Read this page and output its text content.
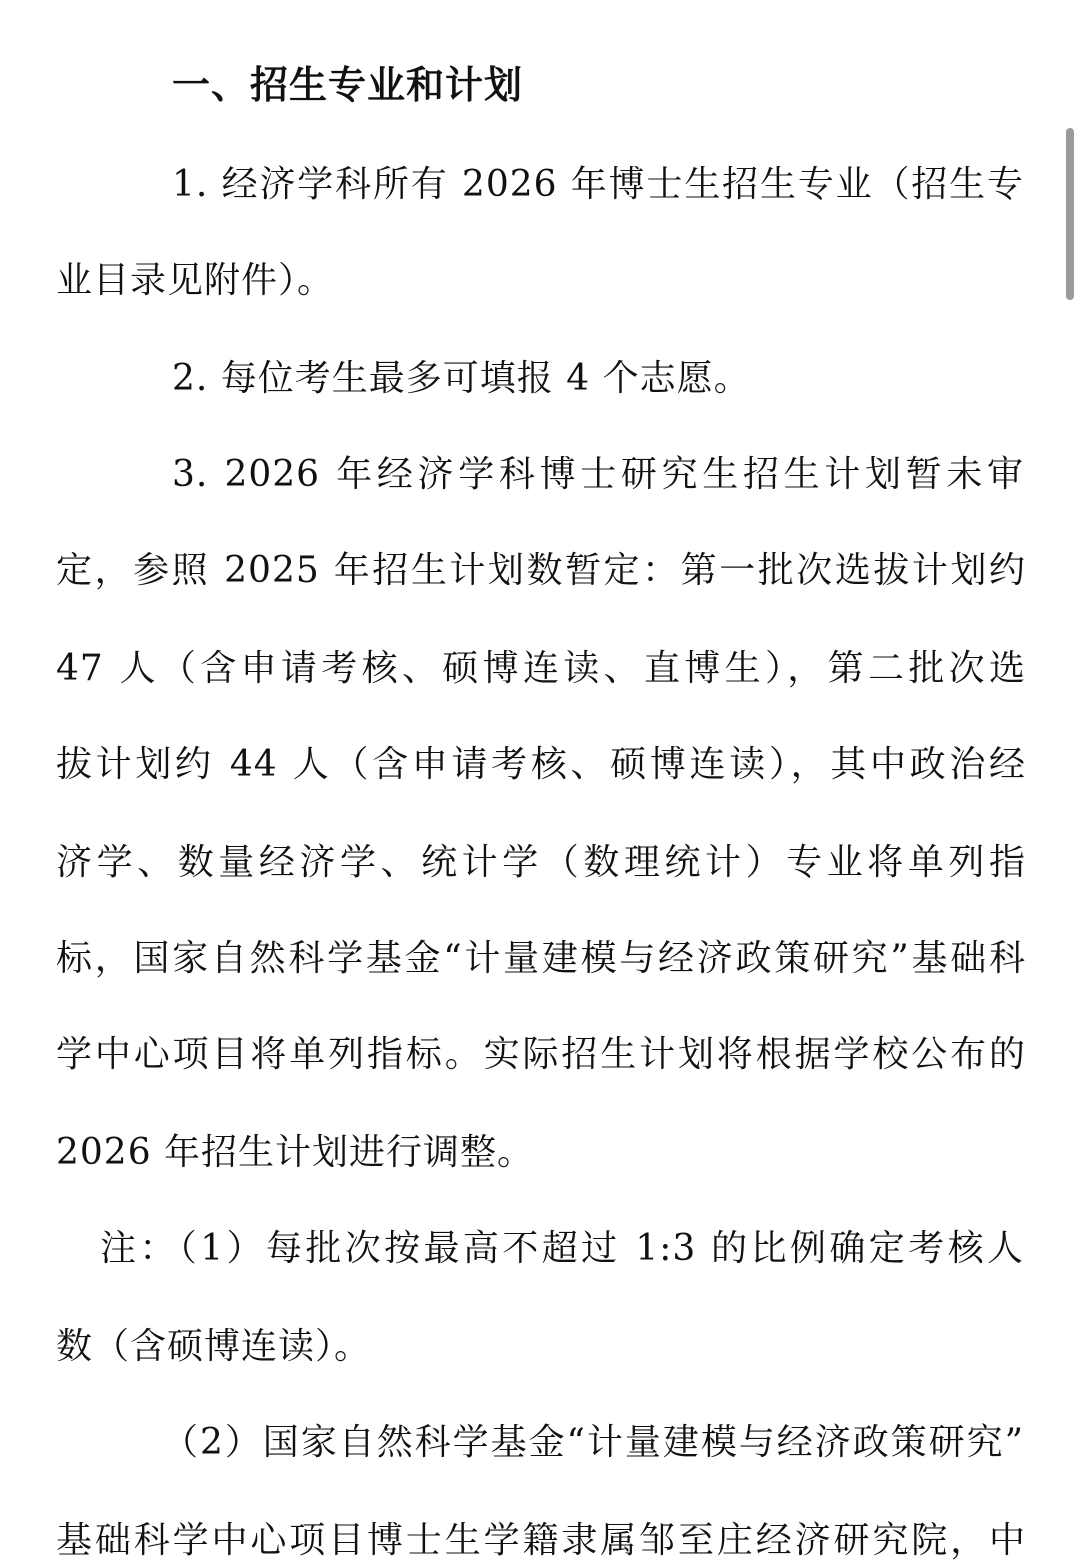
一、招生专业和计划
1. 经济学科所有 2026 年博士生招生专业（招生专
业目录见附件）。
2. 每位考生最多可填报 4 个志愿。
3. 2026 年经济学科博士研究生招生计划暂未审
定，参照 2025 年招生计划数暂定：第一批次选拔计划约
47 人（含申请考核、硕博连读、直博生），第二批次选
拔计划约 44 人（含申请考核、硕博连读），其中政治经
济学、数量经济学、统计学（数理统计）专业将单列指
标，国家自然科学基金“计量建模与经济政策研究”基础科
学中心项目将单列指标。实际招生计划将根据学校公布的
2026 年招生计划进行调整。
注：（1）每批次按最高不超过 1:3 的比例确定考核人
数（含硕博连读）。
（2）国家自然科学基金“计量建模与经济政策研究”
基础科学中心项目博士生学籍隶属邹至庄经济研究院，中
